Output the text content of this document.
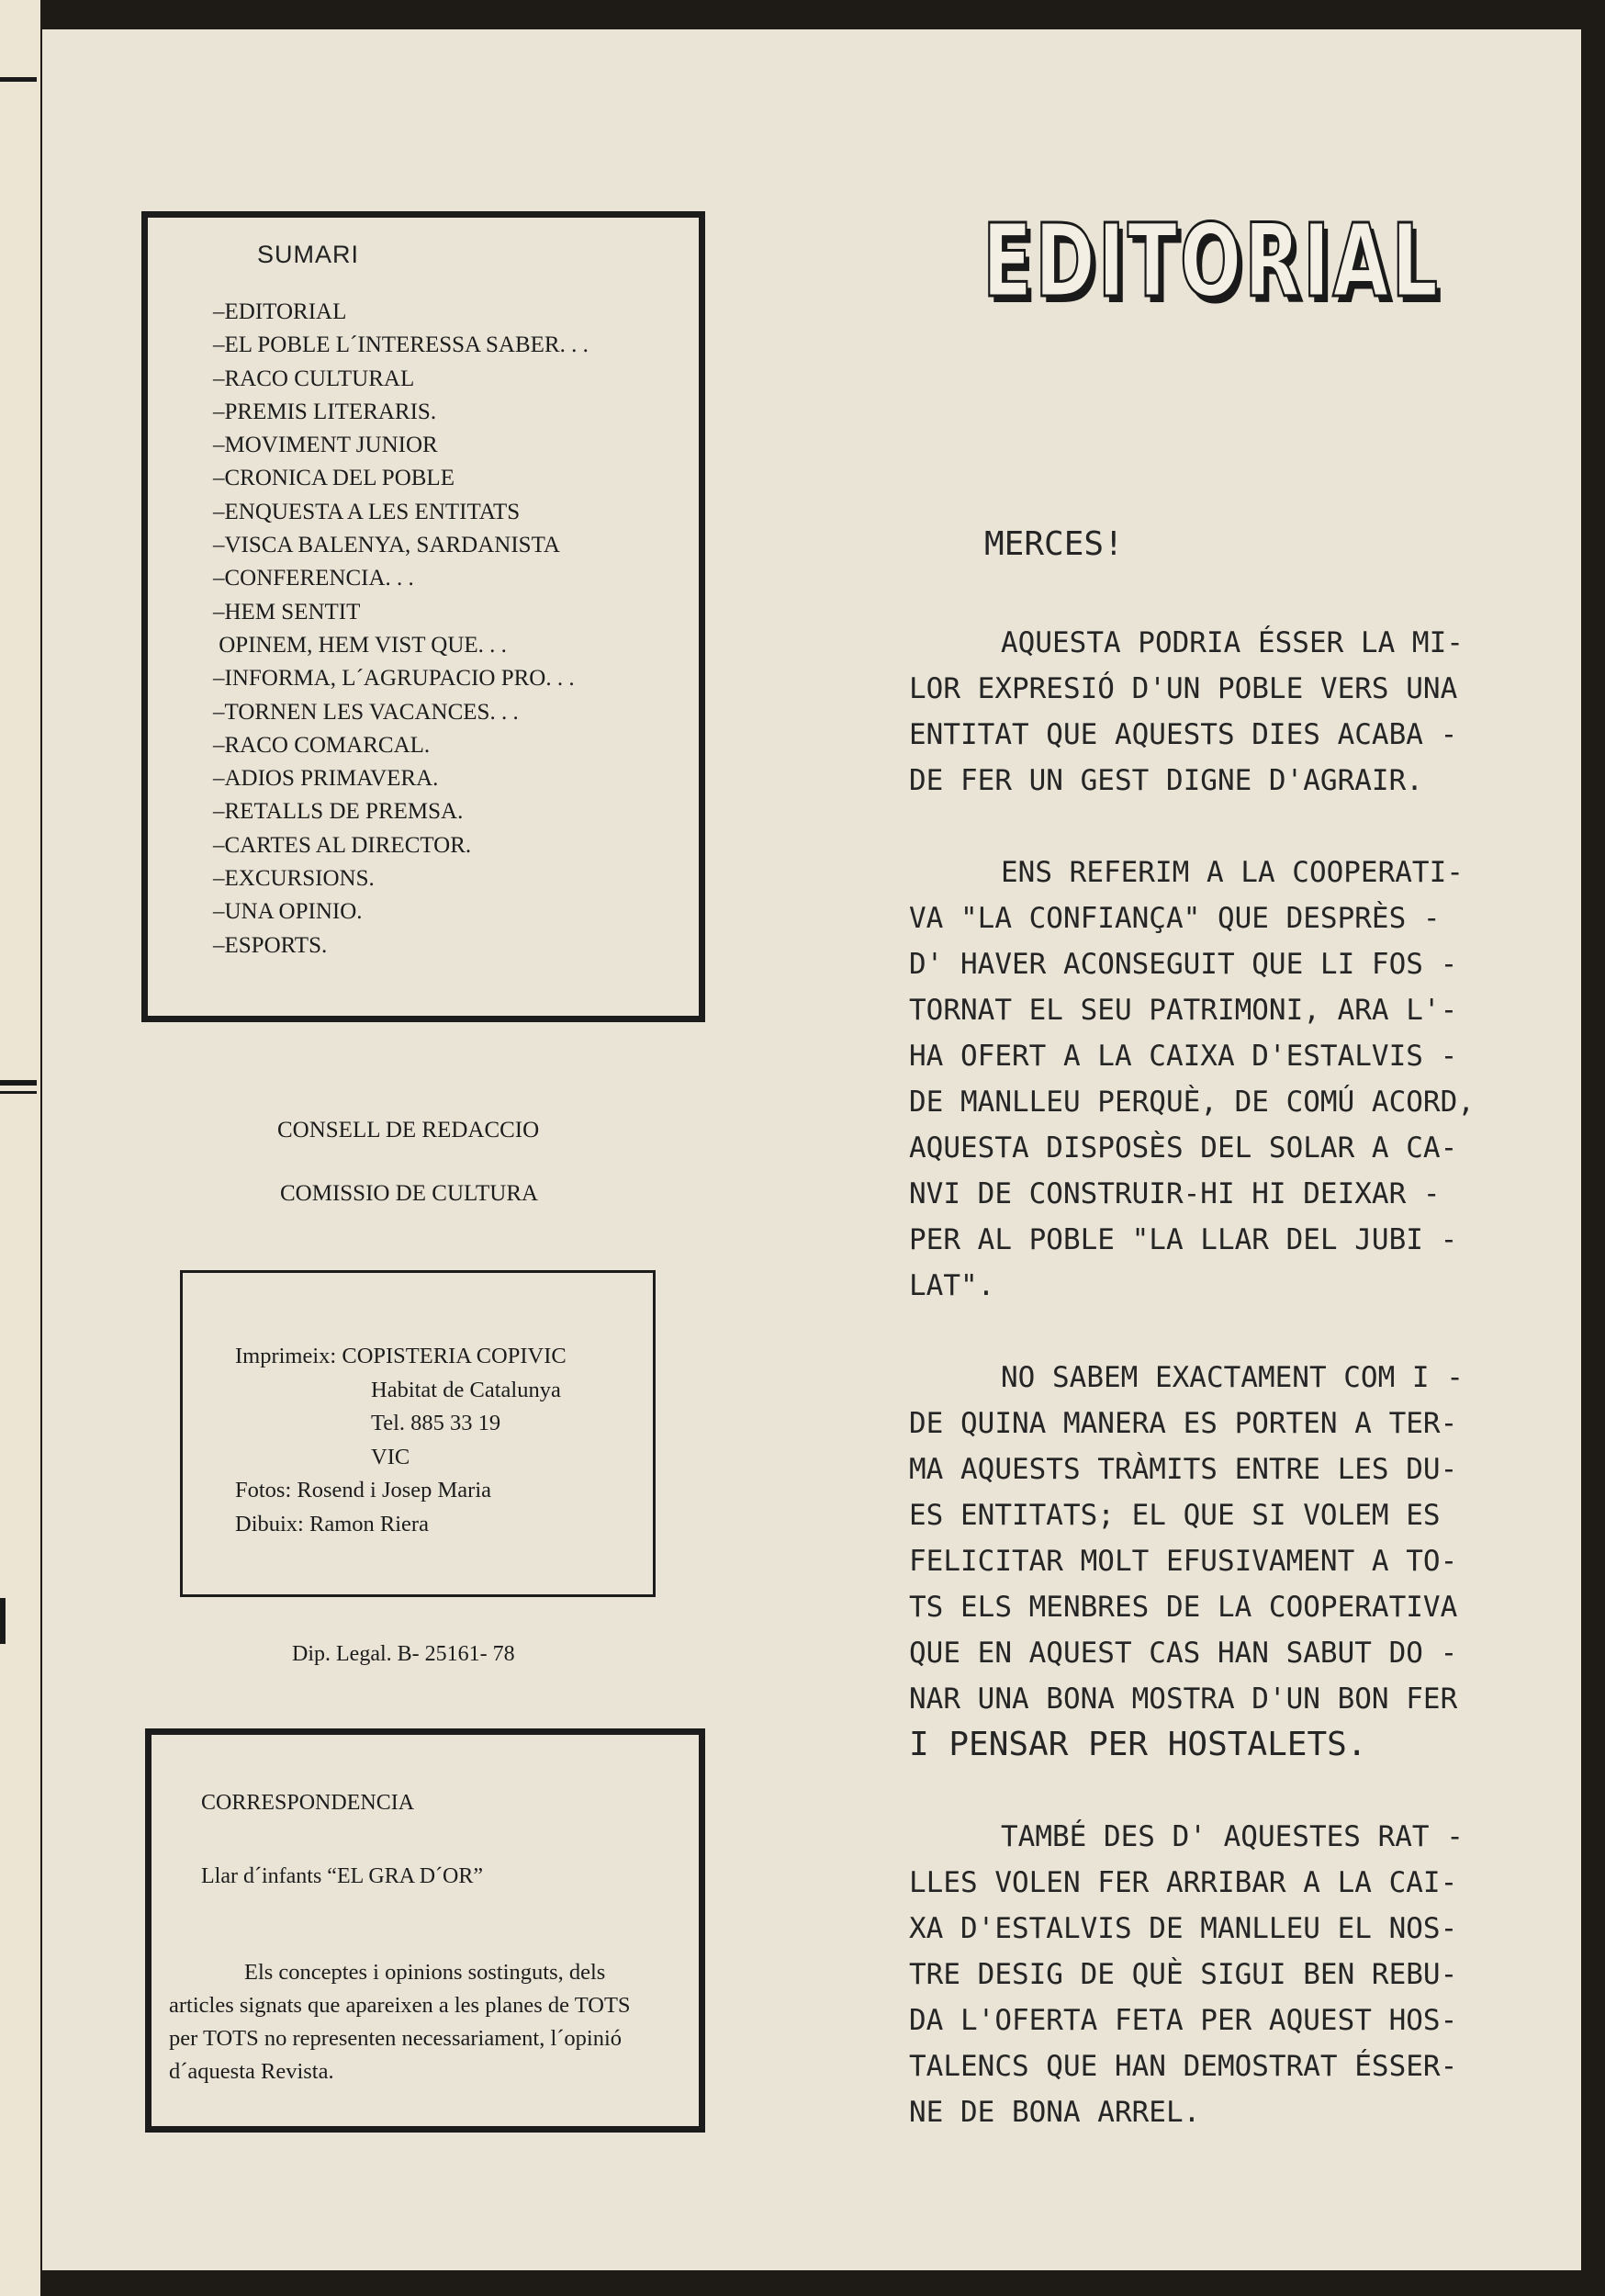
SUMARI
–EDITORIAL
–EL POBLE L´INTERESSA SABER. . .
–RACO CULTURAL
–PREMIS LITERARIS.
–MOVIMENT JUNIOR
–CRONICA DEL POBLE
–ENQUESTA A LES ENTITATS
–VISCA BALENYA, SARDANISTA
–CONFERENCIA. . .
–HEM SENTIT
OPINEM, HEM VIST QUE. . .
–INFORMA, L´AGRUPACIO PRO. . .
–TORNEN LES VACANCES. . .
–RACO COMARCAL.
–ADIOS PRIMAVERA.
–RETALLS DE PREMSA.
–CARTES AL DIRECTOR.
–EXCURSIONS.
–UNA OPINIO.
–ESPORTS.
CONSELL DE REDACCIO
COMISSIO DE CULTURA
Imprimeix: COPISTERIA COPIVIC
Habitat de Catalunya
Tel. 885 33 19
VIC
Fotos: Rosend i Josep Maria
Dibuix: Ramon Riera
Dip. Legal. B- 25161- 78
CORRESPONDENCIA
Llar d´infants “EL GRA D´OR”
Els conceptes i opinions sostinguts, dels
articles signats que apareixen a les planes de TOTS
per TOTS no representen necessariament, l´opinió
d´aquesta Revista.
EDITORIAL
MERCES!
AQUESTA PODRIA ÉSSER LA MI-
LOR EXPRESIÓ D'UN POBLE VERS UNA
ENTITAT QUE AQUESTS DIES ACABA -
DE FER UN GEST DIGNE D'AGRAIR.
ENS REFERIM A LA COOPERATI-
VA "LA CONFIANÇA" QUE DESPRÈS -
D' HAVER ACONSEGUIT QUE LI FOS -
TORNAT EL SEU PATRIMONI, ARA L'-
HA OFERT A LA CAIXA D'ESTALVIS -
DE MANLLEU PERQUÈ, DE COMÚ ACORD,
AQUESTA DISPOSÈS DEL SOLAR A CA-
NVI DE CONSTRUIR-HI HI DEIXAR -
PER AL POBLE "LA LLAR DEL JUBI -
LAT".
NO SABEM EXACTAMENT COM I -
DE QUINA MANERA ES PORTEN A TER-
MA AQUESTS TRÀMITS ENTRE LES DU-
ES ENTITATS; EL QUE SI VOLEM ES
FELICITAR MOLT EFUSIVAMENT A TO-
TS ELS MENBRES DE LA COOPERATIVA
QUE EN AQUEST CAS HAN SABUT DO -
NAR UNA BONA MOSTRA D'UN BON FER
I PENSAR PER HOSTALETS.
TAMBÉ DES D' AQUESTES RAT -
LLES VOLEN FER ARRIBAR A LA CAI-
XA D'ESTALVIS DE MANLLEU EL NOS-
TRE DESIG DE QUÈ SIGUI BEN REBU-
DA L'OFERTA FETA PER AQUEST HOS-
TALENCS QUE HAN DEMOSTRAT ÉSSER-
NE DE BONA ARREL.
